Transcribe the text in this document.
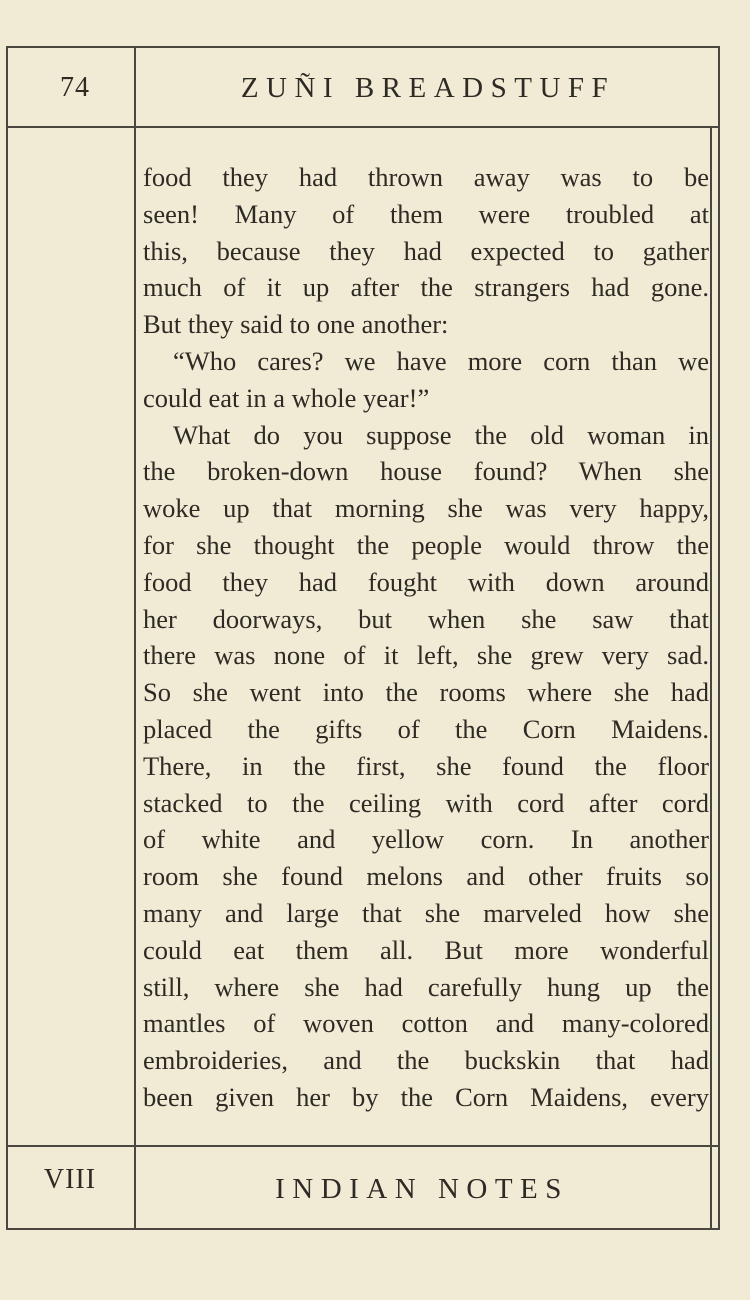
74	ZUÑI BREADSTUFF
food they had thrown away was to be
seen! Many of them were troubled at
this, because they had expected to gather
much of it up after the strangers had gone.
But they said to one another:
“Who cares? we have more corn than we
could eat in a whole year!”
What do you suppose the old woman in
the broken-down house found? When she
woke up that morning she was very happy,
for she thought the people would throw the
food they had fought with down around
her doorways, but when she saw that
there was none of it left, she grew very sad.
So she went into the rooms where she had
placed the gifts of the Corn Maidens.
There, in the first, she found the floor
stacked to the ceiling with cord after cord
of white and yellow corn. In another
room she found melons and other fruits so
many and large that she marveled how she
could eat them all. But more wonderful
still, where she had carefully hung up the
mantles of woven cotton and many-colored
embroideries, and the buckskin that had
been given her by the Corn Maidens, every
VIII	INDIAN NOTES
